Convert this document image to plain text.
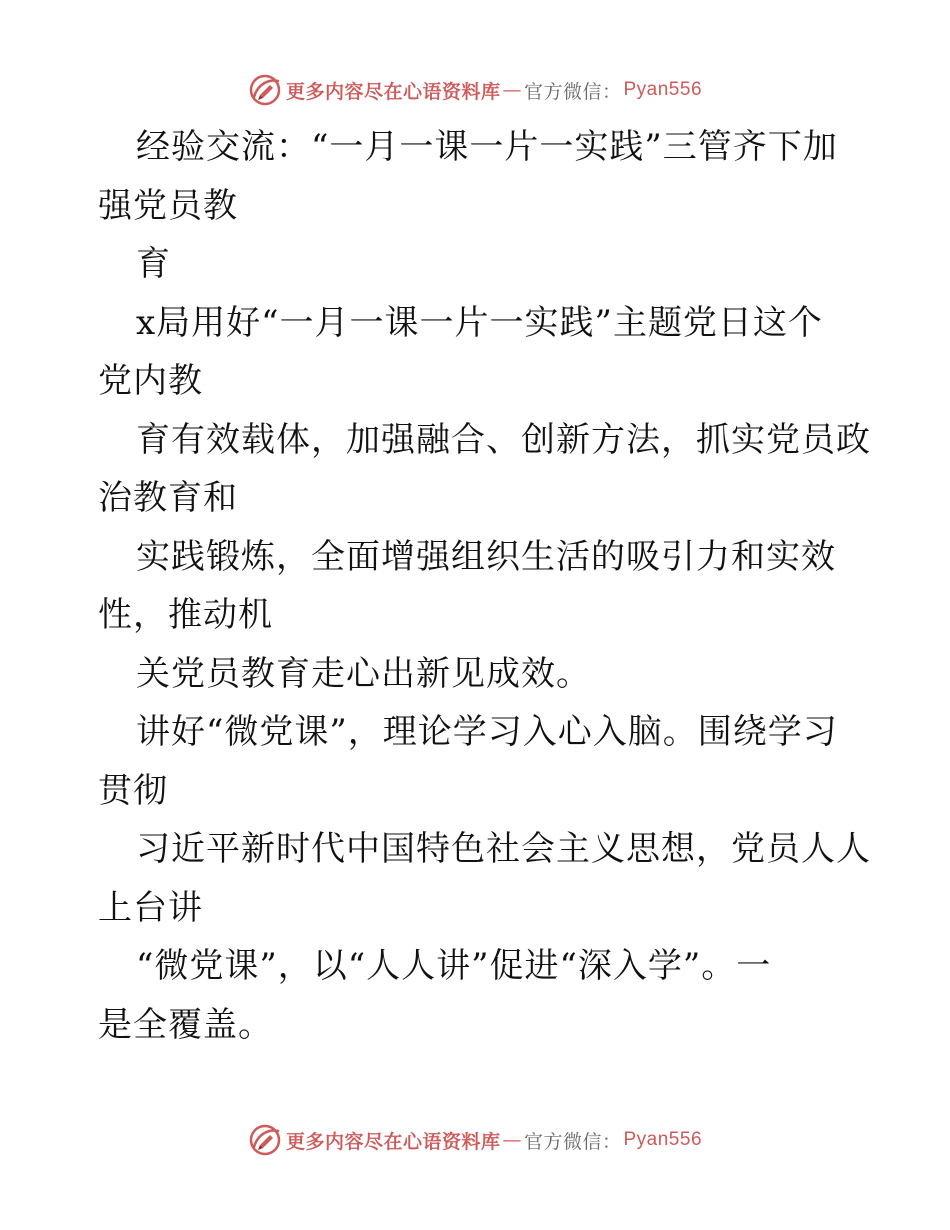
更多内容尽在心语资料库 — 官方微信： Pyan556
经验交流：“一月一课一片一实践”三管齐下加
强党员教
育
x局用好“一月一课一片一实践”主题党日这个
党内教
育有效载体，加强融合、创新方法，抓实党员政
治教育和
实践锻炼，全面增强组织生活的吸引力和实效
性，推动机
关党员教育走心出新见成效。
讲好“微党课”，理论学习入心入脑。围绕学习
贯彻
习近平新时代中国特色社会主义思想，党员人人
上台讲
“微党课”，以“人人讲”促进“深入学”。一
是全覆盖。
更多内容尽在心语资料库 — 官方微信： Pyan556
